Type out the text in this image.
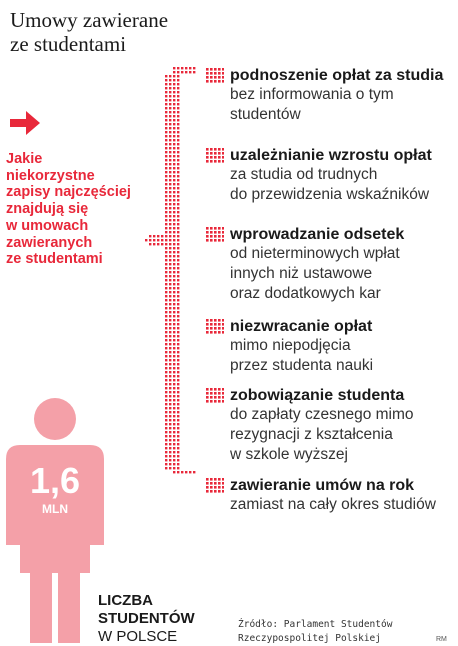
Umowy zawierane
ze studentami
Jakie
niekorzystne
zapisy najczęściej
znajdują się
w umowach
zawieranych
ze studentami
podnoszenie opłat za studia
bez informowania o tym
studentów
uzależnianie wzrostu opłat
za studia od trudnych
do przewidzenia wskaźników
wprowadzanie odsetek
od nieterminowych wpłat
innych niż ustawowe
oraz dodatkowych kar
niezwracanie opłat
mimo niepodjęcia
przez studenta nauki
zobowiązanie studenta
do zapłaty czesnego mimo
rezygnacji z kształcenia
w szkole wyższej
zawieranie umów na rok
zamiast na cały okres studiów
1,6
MLN
LICZBA
STUDENTÓW
W POLSCE
Źródło: Parlament Studentów
Rzeczypospolitej Polskiej	RM
